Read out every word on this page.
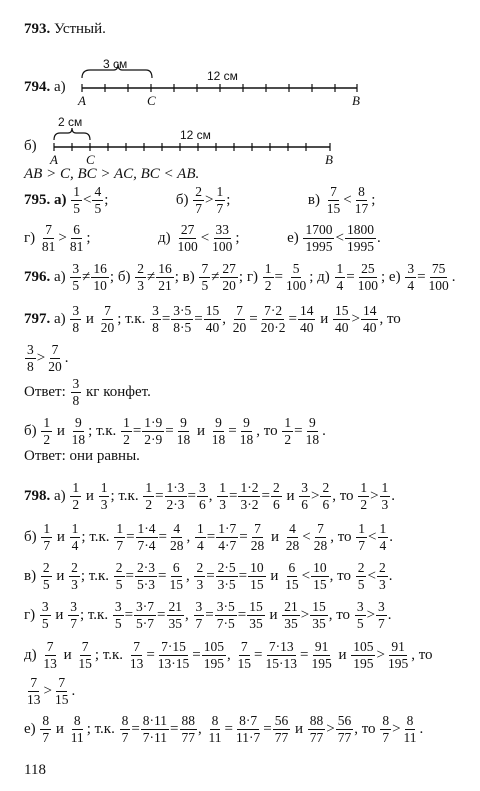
793. Устный.
794. а)
3 см
12 см
A	C	B
б)
2 см
12 см
A C	B
AB > C, BC > AC, BC < AB.
795. $а) \frac{1}{5} < \frac{4}{5}$ ;	$б) \frac{2}{7} > \frac{1}{7}$ ;	$в) \frac{7}{15} < \frac{8}{17}$ ;
$г) \frac{7}{81} > \frac{6}{81}$ ;	$д) \frac{27}{100} < \frac{33}{100}$ ;	$е) \frac{1700}{1995} < \frac{1800}{1995}$ .
796. $а) \frac{3}{5} \ne \frac{16}{10}$ ; $б) \frac{2}{3} \ne \frac{16}{21}$ ; $в) \frac{7}{5} \ne \frac{27}{20}$ ; $г) \frac{1}{2} = \frac{5}{100}$ ; $д) \frac{1}{4} = \frac{25}{100}$ ; $е) \frac{3}{4} = \frac{75}{100}$ .
797. $а) \frac{3}{8}$ и $\frac{7}{20}$ ; т.к. $\frac{3}{8} = \frac{3\cdot 5}{8\cdot 5} = \frac{15}{40}$ , $\frac{7}{20} = \frac{7\cdot 2}{20\cdot 2} = \frac{14}{40}$ и $\frac{15}{40} > \frac{14}{40}$ , то
$\frac{3}{8} > \frac{7}{20}$ .
Ответ: $\frac{3}{8}$ кг конфет.
$б) \frac{1}{2}$ и $\frac{9}{18}$ ; т.к. $\frac{1}{2} = \frac{1\cdot 9}{2\cdot 9} = \frac{9}{18}$ и $\frac{9}{18} = \frac{9}{18}$ , то $\frac{1}{2} = \frac{9}{18}$ .
Ответ: они равны.
798. $а) \frac{1}{2}$ и $\frac{1}{3}$ ; т.к. $\frac{1}{2} = \frac{1\cdot 3}{2\cdot 3} = \frac{3}{6}$ , $\frac{1}{3} = \frac{1\cdot 2}{3\cdot 2} = \frac{2}{6}$ и $\frac{3}{6} > \frac{2}{6}$ , то $\frac{1}{2} > \frac{1}{3}$ .
$б) \frac{1}{7}$ и $\frac{1}{4}$ ; т.к. $\frac{1}{7} = \frac{1\cdot 4}{7\cdot 4} = \frac{4}{28}$ , $\frac{1}{4} = \frac{1\cdot 7}{4\cdot 7} = \frac{7}{28}$ и $\frac{4}{28} < \frac{7}{28}$ , то $\frac{1}{7} < \frac{1}{4}$ .
$в) \frac{2}{5}$ и $\frac{2}{3}$ ; т.к. $\frac{2}{5} = \frac{2\cdot 3}{5\cdot 3} = \frac{6}{15}$ , $\frac{2}{3} = \frac{2\cdot 5}{3\cdot 5} = \frac{10}{15}$ и $\frac{6}{15} < \frac{10}{15}$ , то $\frac{2}{5} < \frac{2}{3}$ .
$г) \frac{3}{5}$ и $\frac{3}{7}$ ; т.к. $\frac{3}{5} = \frac{3\cdot 7}{5\cdot 7} = \frac{21}{35}$ , $\frac{3}{7} = \frac{3\cdot 5}{7\cdot 5} = \frac{15}{35}$ и $\frac{21}{35} > \frac{15}{35}$ , то $\frac{3}{5} > \frac{3}{7}$ .
$д) \frac{7}{13}$ и $\frac{7}{15}$ ; т.к. $\frac{7}{13} = \frac{7\cdot 15}{13\cdot 15} = \frac{105}{195}$ , $\frac{7}{15} = \frac{7\cdot 13}{15\cdot 13} = \frac{91}{195}$ и $\frac{105}{195} > \frac{91}{195}$ , то
$\frac{7}{13} > \frac{7}{15}$ .
$е) \frac{8}{7}$ и $\frac{8}{11}$ ; т.к. $\frac{8}{7} = \frac{8\cdot 11}{7\cdot 11} = \frac{88}{77}$ , $\frac{8}{11} = \frac{8\cdot 7}{11\cdot 7} = \frac{56}{77}$ и $\frac{88}{77} > \frac{56}{77}$ , то $\frac{8}{7} > \frac{8}{11}$ .
118
